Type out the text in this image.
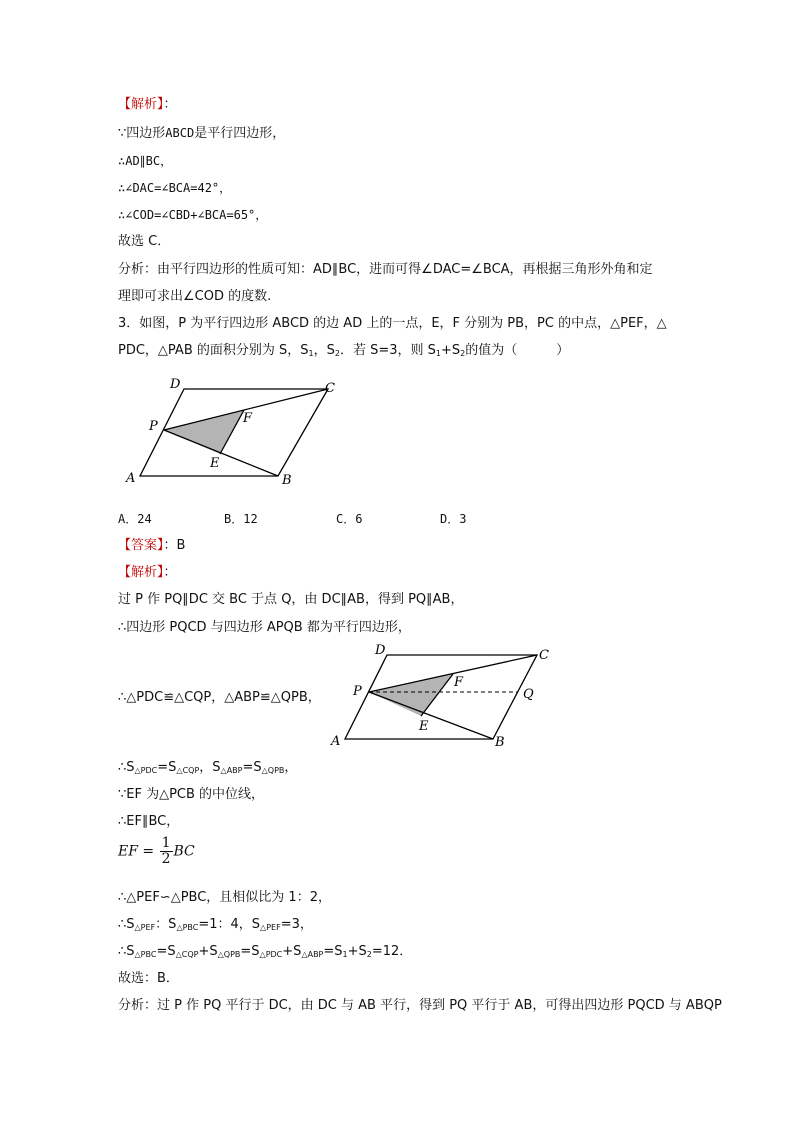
【解析】：
∵四边形ABCD是平行四边形，
∴AD∥BC，
∴∠DAC=∠BCA=42°，
∴∠COD=∠CBD+∠BCA=65°，
故选 C．
分析：由平行四边形的性质可知：AD∥BC，进而可得∠DAC=∠BCA，再根据三角形外角和定
理即可求出∠COD 的度数.
3．如图，P 为平行四边形 ABCD 的边 AD 上的一点，E，F 分别为 PB，PC 的中点，△PEF，△
PDC，△PAB 的面积分别为 S，$S_1$，$S_2$．若 S=3，则 $S_1+S_2$的值为（　　　）
A	B
C
D
P
E
F
A．24	B．12	C．6	D．3
【答案】：B
【解析】：
过 P 作 PQ∥DC 交 BC 于点 Q，由 DC∥AB，得到 PQ∥AB，
∴四边形 PQCD 与四边形 APQB 都为平行四边形，
∴△PDC≌△CQP，△ABP≌△QPB，
A	B
C
D
P
E
F
Q
$\therefore S_{\triangle PDC}=S_{\triangle CQP}$，$S_{\triangle ABP}=S_{\triangle QPB}$，
∵EF 为△PCB 的中位线，
∴EF∥BC，
EF = $\frac{1}{2}$ BC
∴△PEF∽△PBC，且相似比为 1：2，
$\therefore S_{\triangle PEF}$：$S_{\triangle PBC}=1$：4，$S_{\triangle PEF}=3$，
$\therefore S_{\triangle PBC}=S_{\triangle CQP}+S_{\triangle QPB}=S_{\triangle PDC}+S_{\triangle ABP}=S_1+S_2=12$．
故选：B．
分析：过 P 作 PQ 平行于 DC，由 DC 与 AB 平行，得到 PQ 平行于 AB，可得出四边形 PQCD 与 ABQP
